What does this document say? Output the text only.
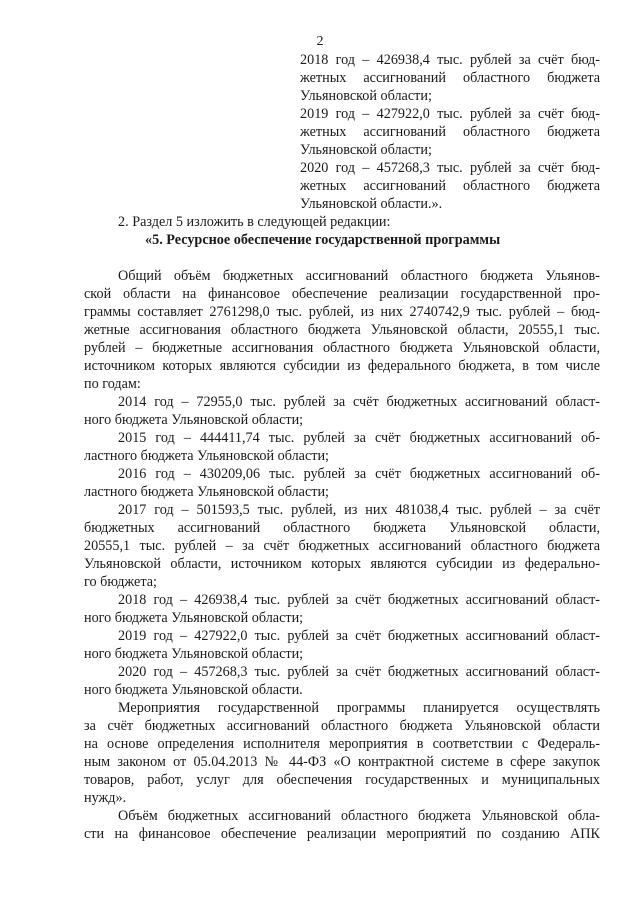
2
2018 год – 426938,4 тыс. рублей за счёт бюд-
жетных ассигнований областного бюджета
Ульяновской области;
2019 год – 427922,0 тыс. рублей за счёт бюд-
жетных ассигнований областного бюджета
Ульяновской области;
2020 год – 457268,3 тыс. рублей за счёт бюд-
жетных ассигнований областного бюджета
Ульяновской области.».
2. Раздел 5 изложить в следующей редакции:
«5. Ресурсное обеспечение государственной программы
Общий объём бюджетных ассигнований областного бюджета Ульянов-
ской области на финансовое обеспечение реализации государственной про-
граммы составляет 2761298,0 тыс. рублей, из них 2740742,9 тыс. рублей – бюд-
жетные ассигнования областного бюджета Ульяновской области, 20555,1 тыс.
рублей – бюджетные ассигнования областного бюджета Ульяновской области,
источником которых являются субсидии из федерального бюджета, в том числе
по годам:
2014 год – 72955,0 тыс. рублей за счёт бюджетных ассигнований област-
ного бюджета Ульяновской области;
2015 год – 444411,74 тыс. рублей за счёт бюджетных ассигнований об-
ластного бюджета Ульяновской области;
2016 год – 430209,06 тыс. рублей за счёт бюджетных ассигнований об-
ластного бюджета Ульяновской области;
2017 год – 501593,5 тыс. рублей, из них 481038,4 тыс. рублей – за счёт
бюджетных ассигнований областного бюджета Ульяновской области,
20555,1 тыс. рублей – за счёт бюджетных ассигнований областного бюджета
Ульяновской области, источником которых являются субсидии из федерально-
го бюджета;
2018 год – 426938,4 тыс. рублей за счёт бюджетных ассигнований област-
ного бюджета Ульяновской области;
2019 год – 427922,0 тыс. рублей за счёт бюджетных ассигнований област-
ного бюджета Ульяновской области;
2020 год – 457268,3 тыс. рублей за счёт бюджетных ассигнований област-
ного бюджета Ульяновской области.
Мероприятия государственной программы планируется осуществлять
за счёт бюджетных ассигнований областного бюджета Ульяновской области
на основе определения исполнителя мероприятия в соответствии с Федераль-
ным законом от 05.04.2013 № 44-ФЗ «О контрактной системе в сфере закупок
товаров, работ, услуг для обеспечения государственных и муниципальных
нужд».
Объём бюджетных ассигнований областного бюджета Ульяновской обла-
сти на финансовое обеспечение реализации мероприятий по созданию АПК
